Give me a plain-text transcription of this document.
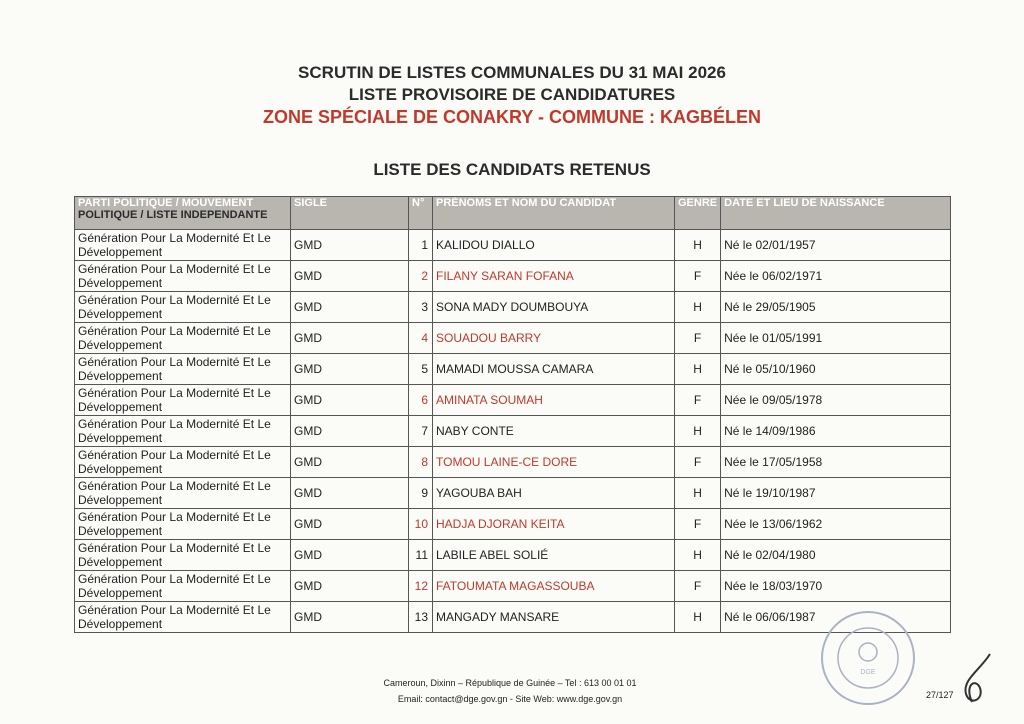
SCRUTIN DE LISTES COMMUNALES DU 31 MAI 2026
LISTE PROVISOIRE DE CANDIDATURES
ZONE SPÉCIALE DE CONAKRY - COMMUNE : KAGBÉLEN
LISTE DES CANDIDATS RETENUS
PARTI POLITIQUE / MOUVEMENT
POLITIQUE / LISTE INDEPENDANTE	SIGLE	N°	PRÉNOMS ET NOM DU CANDIDAT	GENRE	DATE ET LIEU DE NAISSANCE
Génération Pour La Modernité Et Le Développement	GMD	1	KALIDOU DIALLO	H	Né le 02/01/1957
Génération Pour La Modernité Et Le Développement	GMD	2	FILANY SARAN FOFANA	F	Née le 06/02/1971
Génération Pour La Modernité Et Le Développement	GMD	3	SONA MADY DOUMBOUYA	H	Né le 29/05/1905
Génération Pour La Modernité Et Le Développement	GMD	4	SOUADOU BARRY	F	Née le 01/05/1991
Génération Pour La Modernité Et Le Développement	GMD	5	MAMADI MOUSSA CAMARA	H	Né le 05/10/1960
Génération Pour La Modernité Et Le Développement	GMD	6	AMINATA SOUMAH	F	Née le 09/05/1978
Génération Pour La Modernité Et Le Développement	GMD	7	NABY CONTE	H	Né le 14/09/1986
Génération Pour La Modernité Et Le Développement	GMD	8	TOMOU LAINE-CE DORE	F	Née le 17/05/1958
Génération Pour La Modernité Et Le Développement	GMD	9	YAGOUBA BAH	H	Né le 19/10/1987
Génération Pour La Modernité Et Le Développement	GMD	10	HADJA DJORAN KEITA	F	Née le 13/06/1962
Génération Pour La Modernité Et Le Développement	GMD	11	LABILE ABEL SOLIÉ	H	Né le 02/04/1980
Génération Pour La Modernité Et Le Développement	GMD	12	FATOUMATA MAGASSOUBA	F	Née le 18/03/1970
Génération Pour La Modernité Et Le Développement	GMD	13	MANGADY MANSARE	H	Né le 06/06/1987
DGE
Cameroun, Dixinn – République de Guinée – Tel : 613 00 01 01
Email: contact@dge.gov.gn - Site Web: www.dge.gov.gn	27/127
